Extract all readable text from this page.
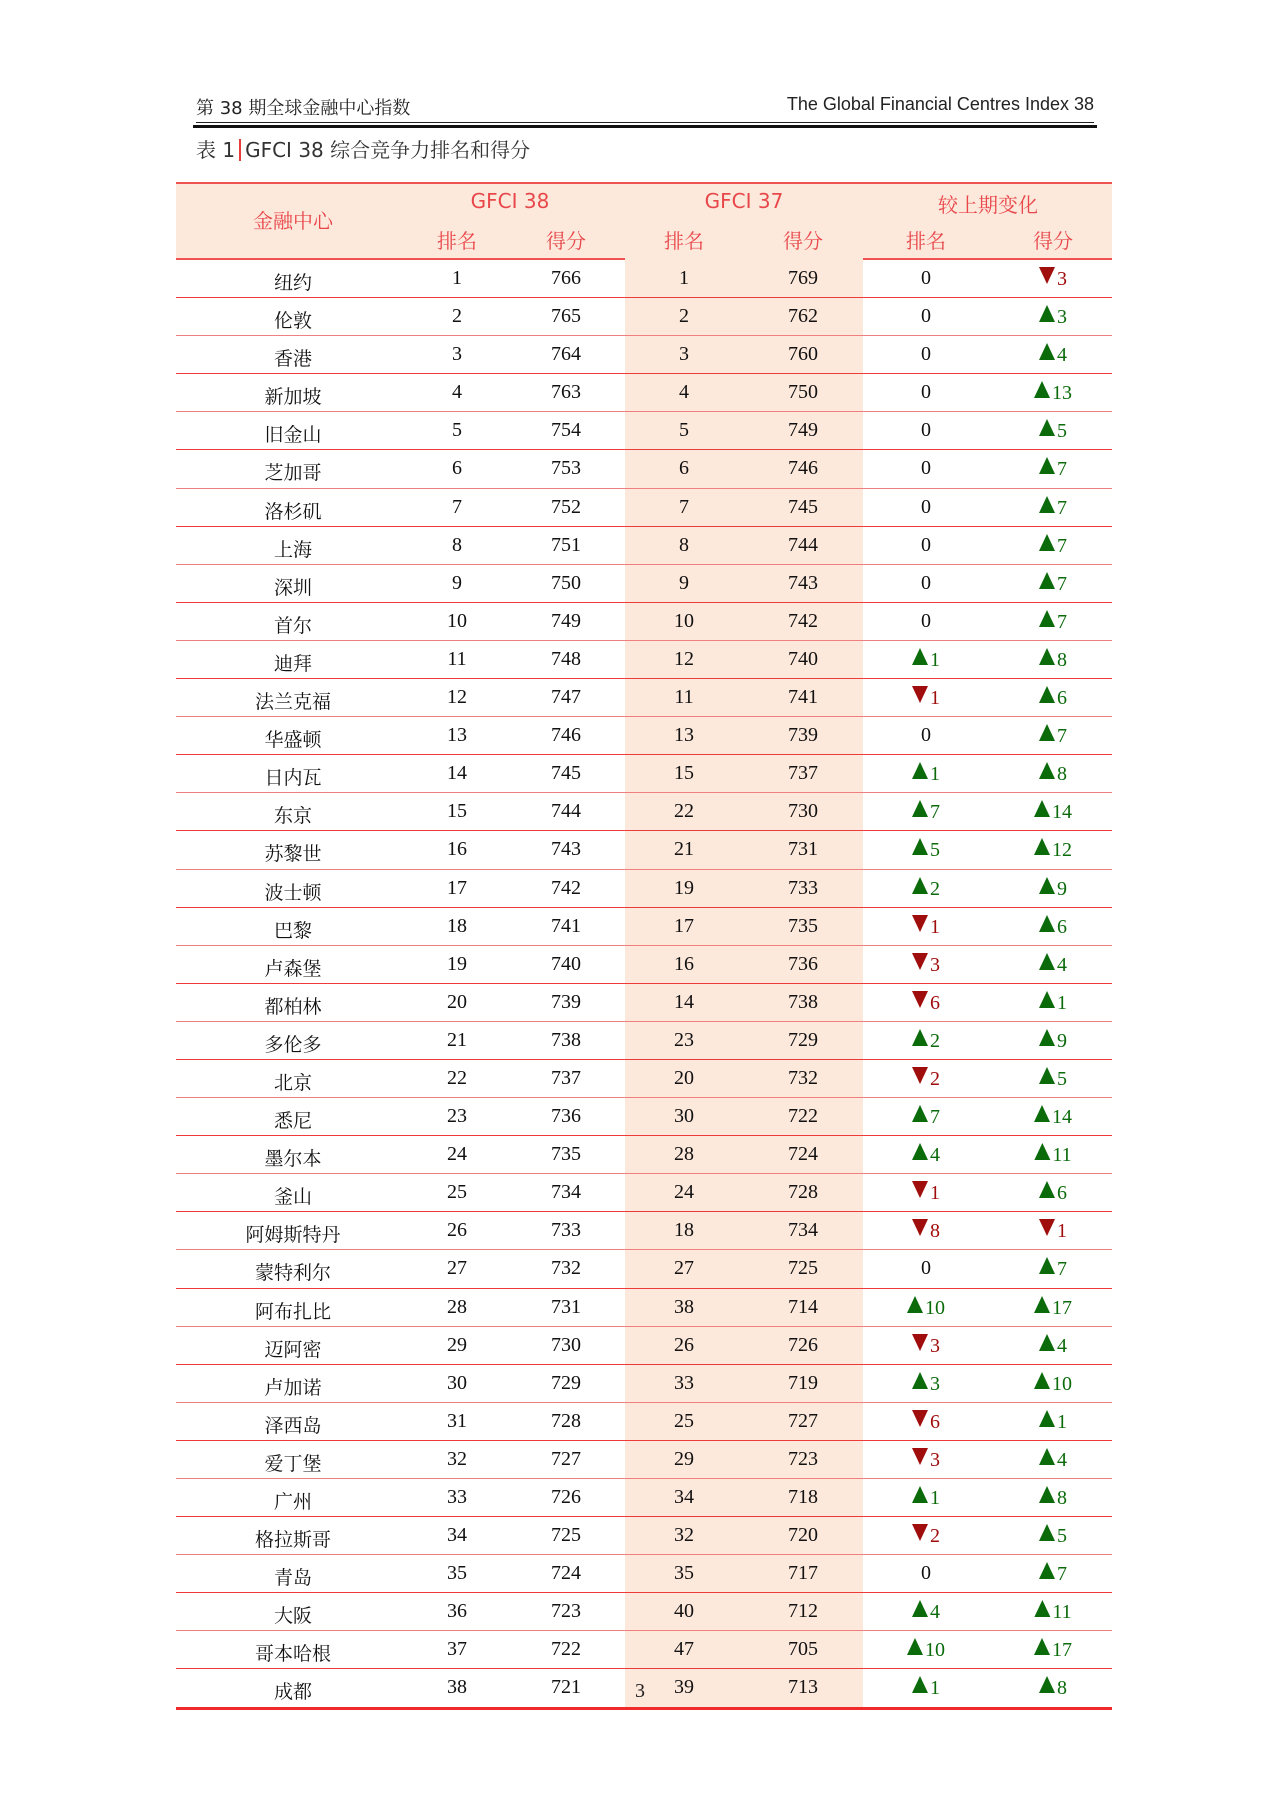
第 38 期全球金融中心指数	The Global Financial Centres Index 38
表 1 GFCI 38 综合竞争力排名和得分
金融中心
GFCI 38	GFCI 37	较上期变化
排名	得分	排名	得分	排名	得分
纽约	1	766	1	769	0	3
伦敦	2	765	2	762	0	3
香港	3	764	3	760	0	4
新加坡	4	763	4	750	0	13
旧金山	5	754	5	749	0	5
芝加哥	6	753	6	746	0	7
洛杉矶	7	752	7	745	0	7
上海	8	751	8	744	0	7
深圳	9	750	9	743	0	7
首尔	10	749	10	742	0	7
迪拜	11	748	12	740	1	8
法兰克福	12	747	11	741	1	6
华盛顿	13	746	13	739	0	7
日内瓦	14	745	15	737	1	8
东京	15	744	22	730	7	14
苏黎世	16	743	21	731	5	12
波士顿	17	742	19	733	2	9
巴黎	18	741	17	735	1	6
卢森堡	19	740	16	736	3	4
都柏林	20	739	14	738	6	1
多伦多	21	738	23	729	2	9
北京	22	737	20	732	2	5
悉尼	23	736	30	722	7	14
墨尔本	24	735	28	724	4	11
釜山	25	734	24	728	1	6
阿姆斯特丹	26	733	18	734	8	1
蒙特利尔	27	732	27	725	0	7
阿布扎比	28	731	38	714	10	17
迈阿密	29	730	26	726	3	4
卢加诺	30	729	33	719	3	10
泽西岛	31	728	25	727	6	1
爱丁堡	32	727	29	723	3	4
广州	33	726	34	718	1	8
格拉斯哥	34	725	32	720	2	5
青岛	35	724	35	717	0	7
大阪	36	723	40	712	4	11
哥本哈根	37	722	47	705	10	17
成都	38	721	39	713	1	8
3
